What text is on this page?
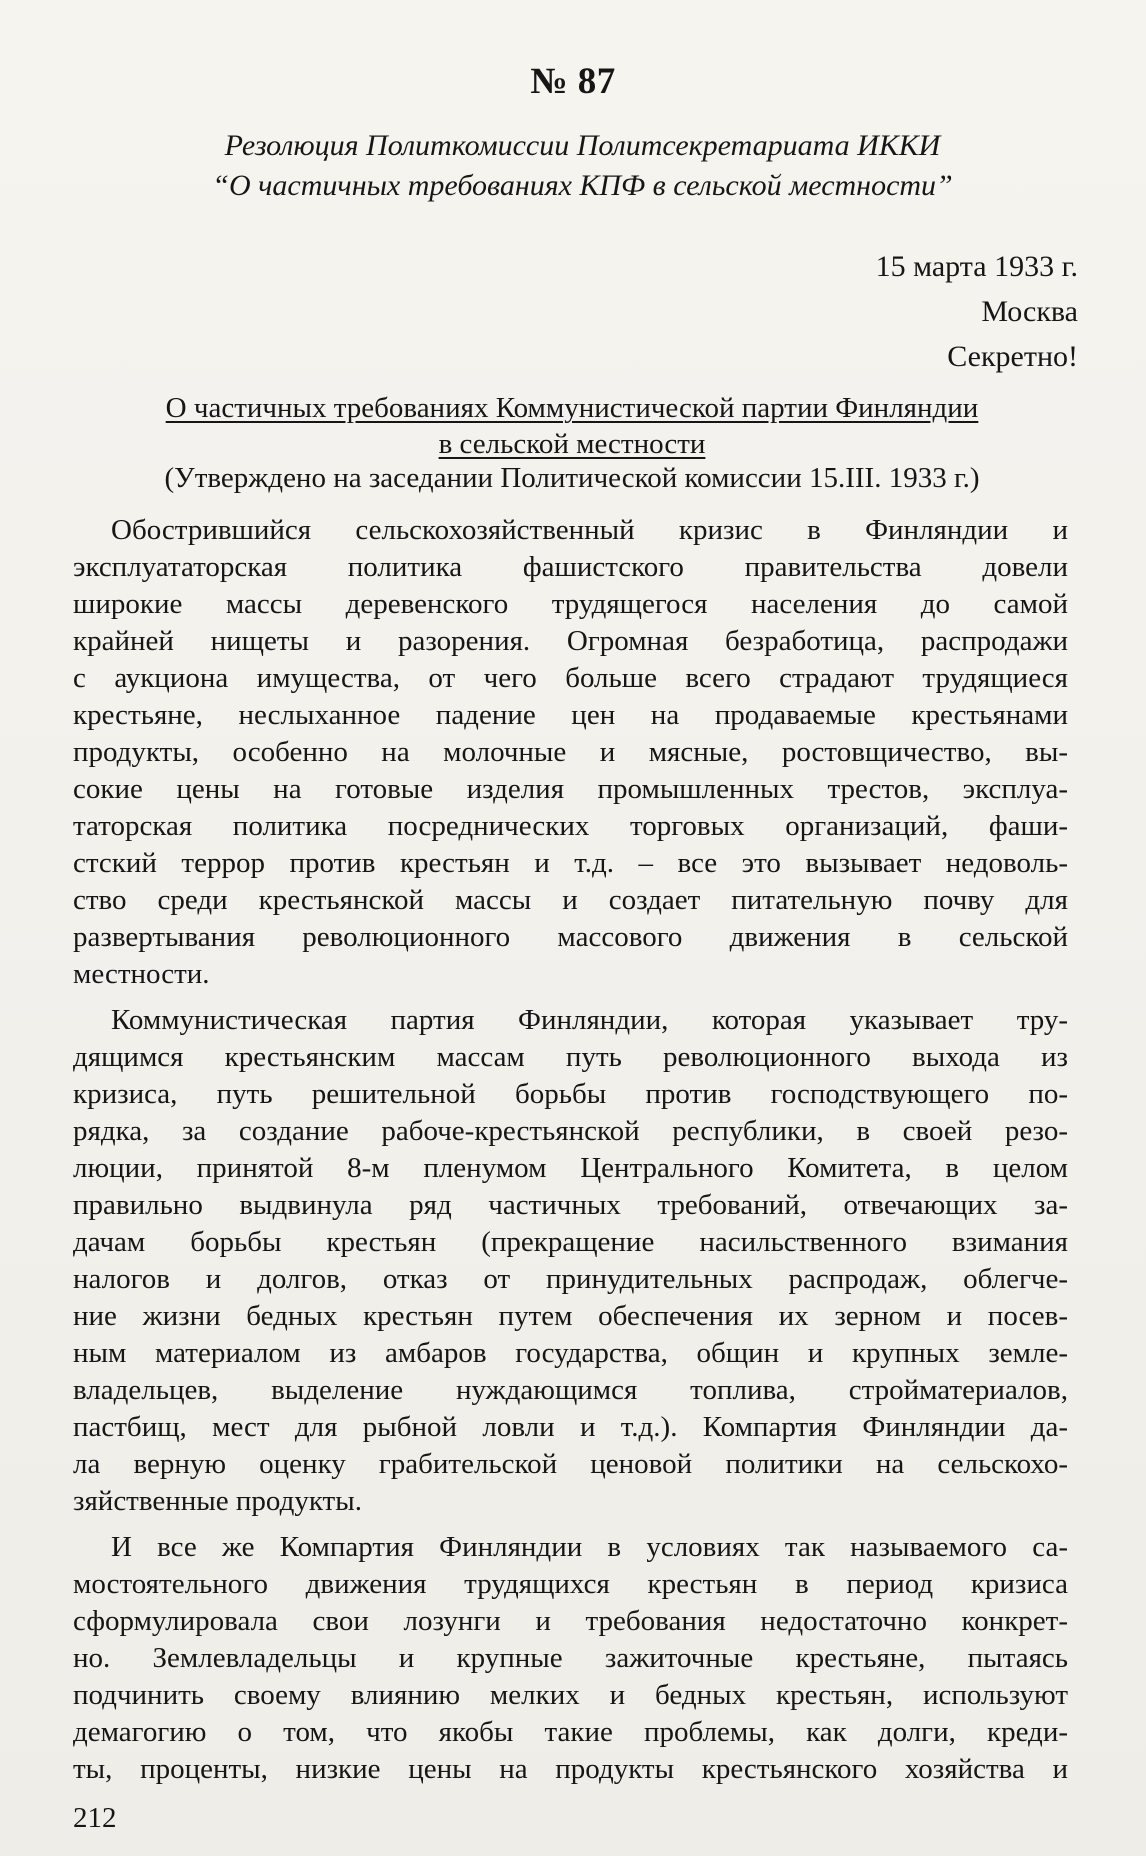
№ 87
Резолюция Политкомиссии Политсекретариата ИККИ
“О частичных требованиях КПФ в сельской местности”
15 марта 1933 г.
Москва
Секретно!
О частичных требованиях Коммунистической партии Финляндии
в сельской местности
(Утверждено на заседании Политической комиссии 15.III. 1933 г.)
Обострившийся сельскохозяйственный кризис в Финляндии и
эксплуататорская политика фашистского правительства довели
широкие массы деревенского трудящегося населения до самой
крайней нищеты и разорения. Огромная безработица, распродажи
с аукциона имущества, от чего больше всего страдают трудящиеся
крестьяне, неслыханное падение цен на продаваемые крестьянами
продукты, особенно на молочные и мясные, ростовщичество, вы-
сокие цены на готовые изделия промышленных трестов, эксплуа-
таторская политика посреднических торговых организаций, фаши-
стский террор против крестьян и т.д. – все это вызывает недоволь-
ство среди крестьянской массы и создает питательную почву для
развертывания революционного массового движения в сельской
местности.
Коммунистическая партия Финляндии, которая указывает тру-
дящимся крестьянским массам путь революционного выхода из
кризиса, путь решительной борьбы против господствующего по-
рядка, за создание рабоче-крестьянской республики, в своей резо-
люции, принятой 8-м пленумом Центрального Комитета, в целом
правильно выдвинула ряд частичных требований, отвечающих за-
дачам борьбы крестьян (прекращение насильственного взимания
налогов и долгов, отказ от принудительных распродаж, облегче-
ние жизни бедных крестьян путем обеспечения их зерном и посев-
ным материалом из амбаров государства, общин и крупных земле-
владельцев, выделение нуждающимся топлива, стройматериалов,
пастбищ, мест для рыбной ловли и т.д.). Компартия Финляндии да-
ла верную оценку грабительской ценовой политики на сельскохо-
зяйственные продукты.
И все же Компартия Финляндии в условиях так называемого са-
мостоятельного движения трудящихся крестьян в период кризиса
сформулировала свои лозунги и требования недостаточно конкрет-
но. Землевладельцы и крупные зажиточные крестьяне, пытаясь
подчинить своему влиянию мелких и бедных крестьян, используют
демагогию о том, что якобы такие проблемы, как долги, креди-
ты, проценты, низкие цены на продукты крестьянского хозяйства и
212
